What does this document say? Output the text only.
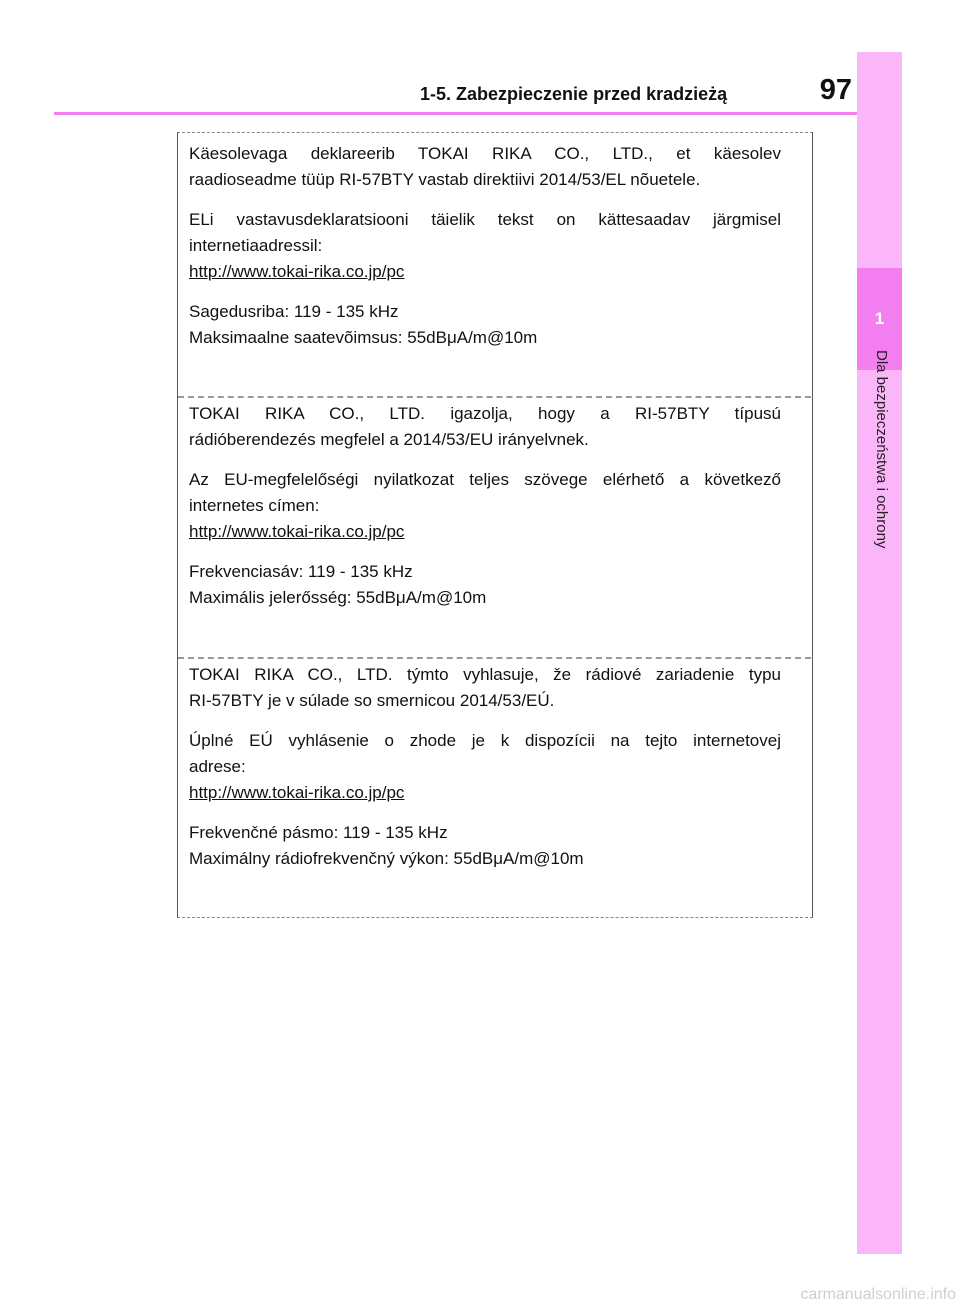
1-5. Zabezpieczenie przed kradzieżą	97
1
Dla bezpieczeństwa i ochrony

Käesolevaga deklareerib TOKAI RIKA CO., LTD., et käesolev

raadioseadme tüüp RI-57BTY vastab direktiivi 2014/53/EL nõuetele.

ELi vastavusdeklaratsiooni täielik tekst on kättesaadav järgmisel

internetiaadressil:

http://www.tokai-rika.co.jp/pc

Sagedusriba: 119 - 135 kHz

Maksimaalne saatevõimsus: 55dBμA/m@10m

TOKAI RIKA CO., LTD. igazolja, hogy a RI-57BTY típusú

rádióberendezés megfelel a 2014/53/EU irányelvnek.

Az EU-megfelelőségi nyilatkozat teljes szövege elérhető a következő

internetes címen:

http://www.tokai-rika.co.jp/pc

Frekvenciasáv: 119 - 135 kHz

Maximális jelerősség: 55dBμA/m@10m

TOKAI RIKA CO., LTD. týmto vyhlasuje, že rádiové zariadenie typu

RI-57BTY je v súlade so smernicou 2014/53/EÚ.

Úplné EÚ vyhlásenie o zhode je k dispozícii na tejto internetovej

adrese:

http://www.tokai-rika.co.jp/pc

Frekvenčné pásmo: 119 - 135 kHz

Maximálny rádiofrekvenčný výkon: 55dBμA/m@10m

carmanualsonline.info
